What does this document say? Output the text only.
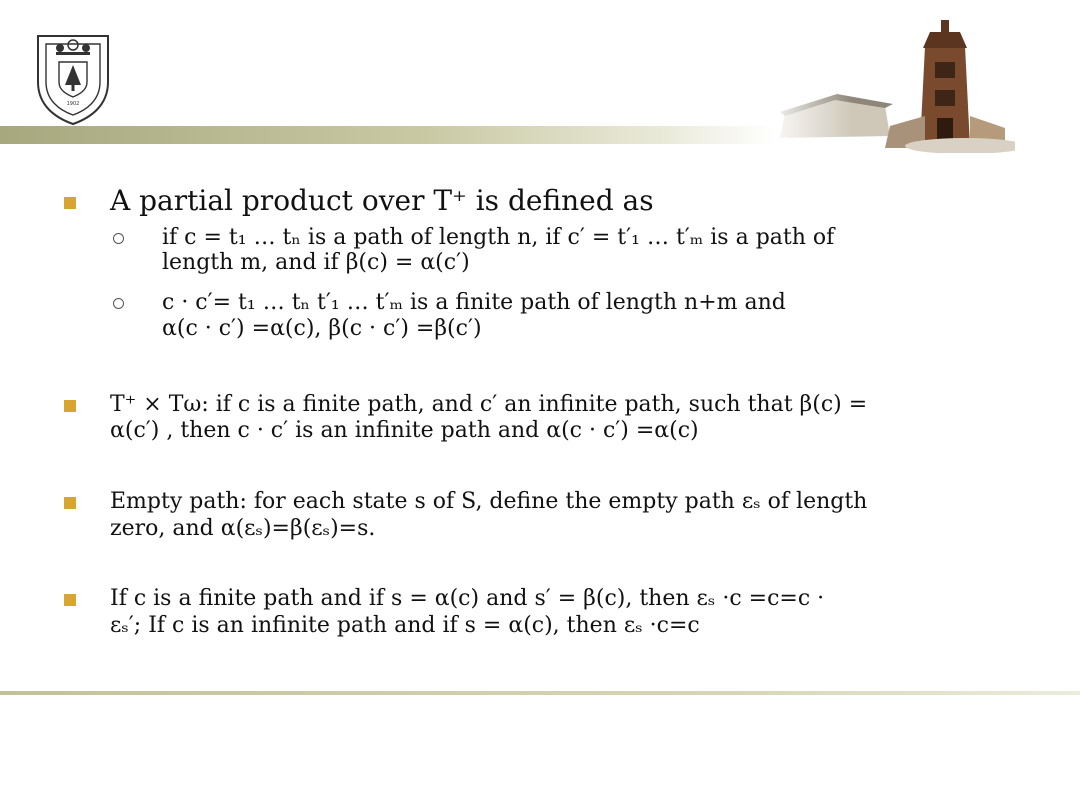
1902
A partial product over T⁺ is defined as
if c = t₁ … tₙ is a path of length n, if c′ = t′₁ … t′ₘ is a path of
length m, and if β(c) = α(c′)
c · c′= t₁ … tₙ t′₁ … t′ₘ is a finite path of length n+m and
α(c · c′) =α(c), β(c · c′) =β(c′)
T⁺ × Tω: if c is a finite path, and c′ an infinite path, such that β(c) =
α(c′) , then c · c′ is an infinite path and α(c · c′) =α(c)
Empty path: for each state s of S, define the empty path εₛ of length
zero, and α(εₛ)=β(εₛ)=s.
If c is a finite path and if s = α(c) and s′ = β(c), then εₛ ·c =c=c ·
εₛ′; If c is an infinite path and if s = α(c), then εₛ ·c=c
